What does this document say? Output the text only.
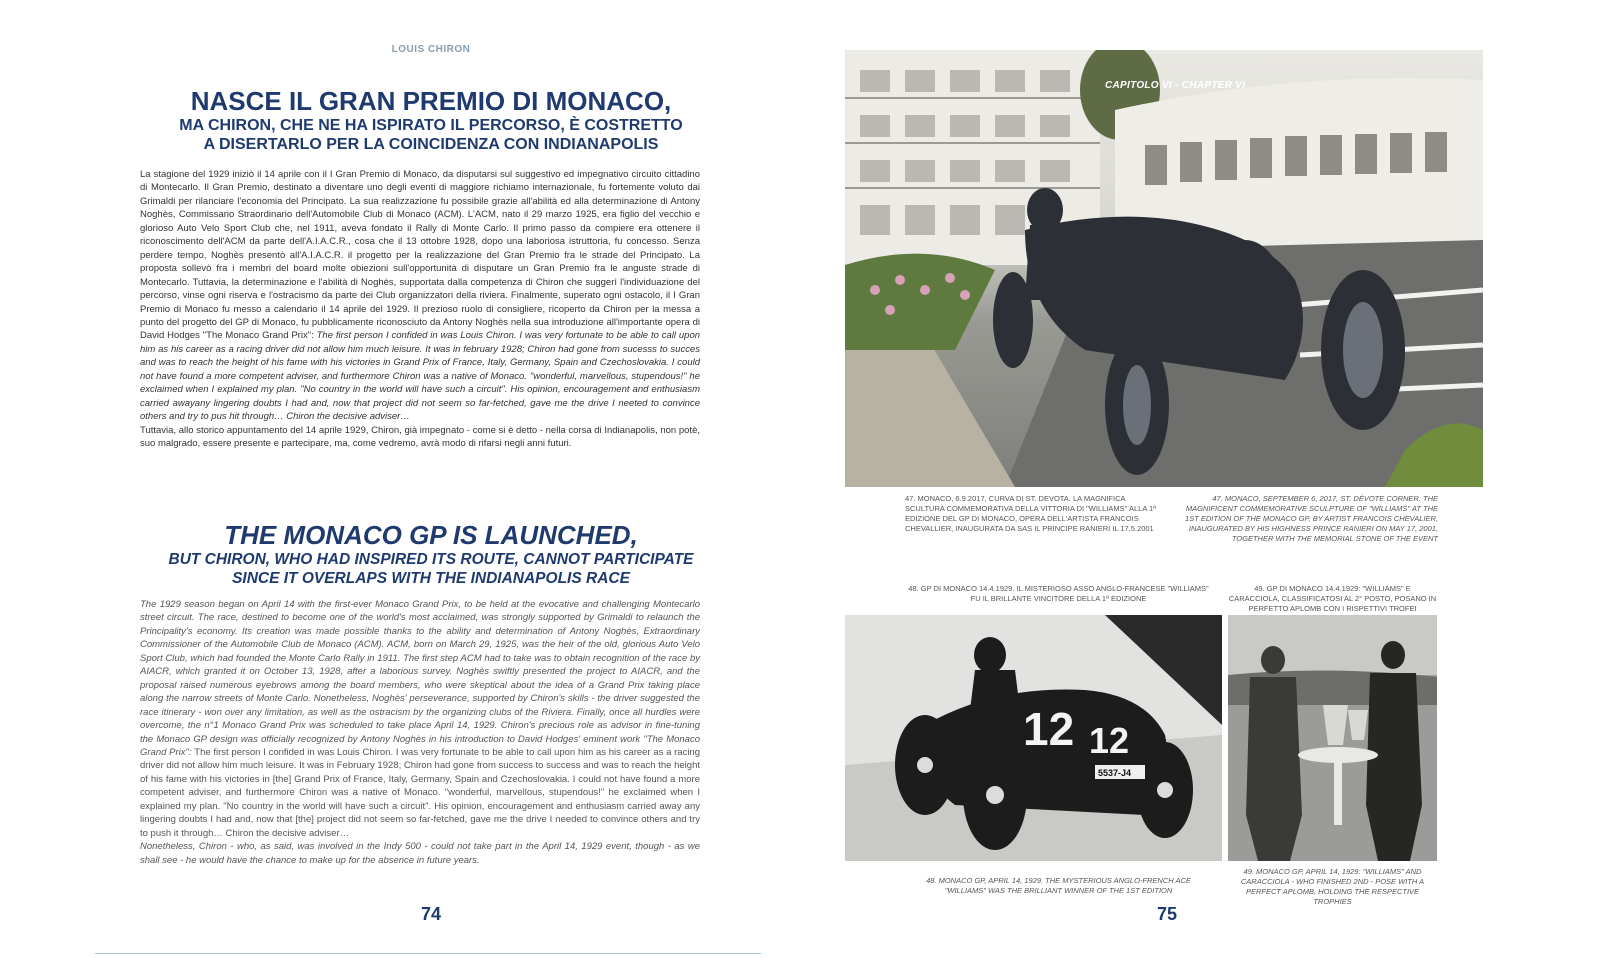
LOUIS CHIRON
NASCE IL GRAN PREMIO DI MONACO,
MA CHIRON, CHE NE HA ISPIRATO IL PERCORSO, È COSTRETTO
A DISERTARLO PER LA COINCIDENZA CON INDIANAPOLIS

La stagione del 1929 iniziò il 14 aprile con il I Gran Premio di Monaco, da disputarsi sul suggestivo ed impegnativo circuito cittadino di Montecarlo. Il Gran Premio, destinato a diventare uno degli eventi di maggiore richiamo internazionale, fu fortemente voluto dai Grimaldi per rilanciare l'economia del Principato. La sua realizzazione fu possibile grazie all'abilità ed alla determinazione di Antony Noghès, Commissario Straordinario dell'Automobile Club di Monaco (ACM). L'ACM, nato il 29 marzo 1925, era figlio del vecchio e glorioso Auto Velo Sport Club che, nel 1911, aveva fondato il Rally di Monte Carlo. Il primo passo da compiere era ottenere il riconoscimento dell'ACM da parte dell'A.I.A.C.R., cosa che il 13 ottobre 1928, dopo una laboriosa istruttoria, fu concesso. Senza perdere tempo, Noghès presentò all'A.I.A.C.R. il progetto per la realizzazione del Gran Premio fra le strade del Principato. La proposta sollevò fra i membri del board molte obiezioni sull'opportunità di disputare un Gran Premio fra le anguste strade di Montecarlo. Tuttavia, la determinazione e l'abilità di Noghès, supportata dalla competenza di Chiron che suggerì l'individuazione del percorso, vinse ogni riserva e l'ostracismo da parte dei Club organizzatori della riviera. Finalmente, superato ogni ostacolo, il I Gran Premio di Monaco fu messo a calendario il 14 aprile del 1929. Il prezioso ruolo di consigliere, ricoperto da Chiron per la messa a punto del progetto del GP di Monaco, fu pubblicamente riconosciuto da Antony Noghès nella sua introduzione all'importante opera di David Hodges "The Monaco Grand Prix": The first person I confided in was Louis Chiron. I was very fortunate to be able to call upon him as his career as a racing driver did not allow him much leisure. It was in february 1928; Chiron had gone from sucesss to succes and was to reach the height of his fame with his victories in Grand Prix of France, Italy, Germany, Spain and Czechoslovakia. I could not have found a more competent adviser, and furthermore Chiron was a native of Monaco. "wonderful, marvellous, stupendous!" he exclaimed when I explained my plan. "No country in the world will have such a circuit". His opinion, encouragement and enthusiasm carried awayany lingering doubts I had and, now that project did not seem so far-fetched, gave me the drive I neeted to convince others and try to pus hit through… Chiron the decisive adviser…

Tuttavia, allo storico appuntamento del 14 aprile 1929, Chiron, già impegnato - come si è detto - nella corsa di Indianapolis, non potè, suo malgrado, essere presente e partecipare, ma, come vedremo, avrà modo di rifarsi negli anni futuri.

THE MONACO GP IS LAUNCHED,
BUT CHIRON, WHO HAD INSPIRED ITS ROUTE, CANNOT PARTICIPATE
SINCE IT OVERLAPS WITH THE INDIANAPOLIS RACE

The 1929 season began on April 14 with the first-ever Monaco Grand Prix, to be held at the evocative and challenging Montecarlo street circuit. The race, destined to become one of the world's most acclaimed, was strongly supported by Grimaldi to relaunch the Principality's economy. Its creation was made possible thanks to the ability and determination of Antony Noghès, Extraordinary Commissioner of the Automobile Club de Monaco (ACM). ACM, born on March 29, 1925, was the heir of the old, glorious Auto Velo Sport Club, which had founded the Monte Carlo Rally in 1911. The first step ACM had to take was to obtain recognition of the race by AIACR, which granted it on October 13, 1928, after a laborious survey. Noghès swiftly presented the project to AIACR, and the proposal raised numerous eyebrows among the board members, who were skeptical about the idea of a Grand Prix taking place along the narrow streets of Monte Carlo. Nonetheless, Noghès' perseverance, supported by Chiron's skills - the driver suggested the race itinerary - won over any limitation, as well as the ostracism by the organizing clubs of the Riviera. Finally, once all hurdles were overcome, the n°1 Monaco Grand Prix was scheduled to take place April 14, 1929. Chiron's precious role as advisor in fine-tuning the Monaco GP design was officially recognized by Antony Noghès in his introduction to David Hodges' eminent work "The Monaco Grand Prix": The first person I confided in was Louis Chiron. I was very fortunate to be able to call upon him as his career as a racing driver did not allow him much leisure. It was in February 1928; Chiron had gone from success to success and was to reach the height of his fame with his victories in [the] Grand Prix of France, Italy, Germany, Spain and Czechoslovakia. I could not have found a more competent adviser, and furthermore Chiron was a native of Monaco. "wonderful, marvellous, stupendous!" he exclaimed when I explained my plan. "No country in the world will have such a circuit". His opinion, encouragement and enthusiasm carried away any lingering doubts I had and, now that [the] project did not seem so far-fetched, gave me the drive I needed to convince others and try to push it through… Chiron the decisive adviser…

Nonetheless, Chiron - who, as said, was involved in the Indy 500 - could not take part in the April 14, 1929 event, though - as we shall see - he would have the chance to make up for the absence in future years.

74
CAPITOLO VI - CHAPTER VI
47. MONACO, 6.9.2017, CURVA DI ST. DEVOTA. LA MAGNIFICA SCULTURA COMMEMORATIVA DELLA VITTORIA DI "WILLIAMS" ALLA 1ª EDIZIONE DEL GP DI MONACO, OPERA DELL'ARTISTA FRANCOIS CHEVALLIER, INAUGURATA DA SAS IL PRINCIPE RANIERI IL 17.5.2001
47. MONACO, SEPTEMBER 6, 2017, ST. DÉVOTE CORNER. THE MAGNIFICENT COMMEMORATIVE SCULPTURE OF "WILLIAMS" AT THE 1ST EDITION OF THE MONACO GP, BY ARTIST FRANCOIS CHEVALIER, INAUGURATED BY HIS HIGHNESS PRINCE RANIERI ON MAY 17, 2001, TOGETHER WITH THE MEMORIAL STONE OF THE EVENT
48. GP DI MONACO 14.4.1929. IL MISTERIOSO ASSO ANGLO-FRANCESE "WILLIAMS" FU IL BRILLANTE VINCITORE DELLA 1ª EDIZIONE
49. GP DI MONACO 14.4.1929: "WILLIAMS" E CARACCIOLA, CLASSIFICATOSI AL 2° POSTO, POSANO IN PERFETTO APLOMB CON I RISPETTIVI TROFEI
12 12
5537-J4
48. MONACO GP, APRIL 14, 1929. THE MYSTERIOUS ANGLO-FRENCH ACE "WILLIAMS" WAS THE BRILLIANT WINNER OF THE 1ST EDITION
49. MONACO GP, APRIL 14, 1929: "WILLIAMS" AND CARACCIOLA - WHO FINISHED 2ND - POSE WITH A PERFECT APLOMB, HOLDING THE RESPECTIVE TROPHIES
75
